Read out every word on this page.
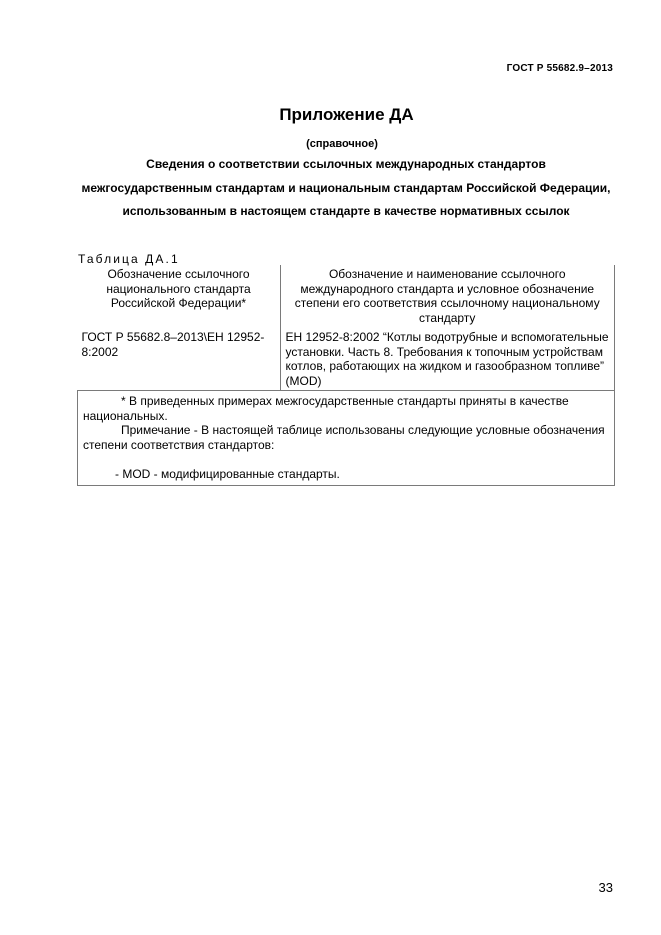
ГОСТ Р 55682.9–2013
Приложение ДА
(справочное)
Сведения о соответствии ссылочных международных стандартов межгосударственным стандартам и национальным стандартам Российской Федерации, использованным в настоящем стандарте в качестве нормативных ссылок
Таблица ДА.1
Обозначение ссылочного национального стандарта Российской Федерации*	Обозначение и наименование ссылочного международного стандарта и условное обозначение степени его соответствия ссылочному национальному стандарту
ГОСТ Р 55682.8–2013\ЕН 12952-8:2002	ЕН 12952-8:2002 “Котлы водотрубные и вспомогательные установки. Часть 8. Требования к топочным устройствам котлов, работающих на жидком и газообразном топливе” (MOD)

* В приведенных примерах межгосударственные стандарты приняты в качестве национальных.
Примечание - В настоящей таблице использованы следующие условные обозначения степени соответствия стандартов:
- MOD - модифицированные стандарты.	
33
